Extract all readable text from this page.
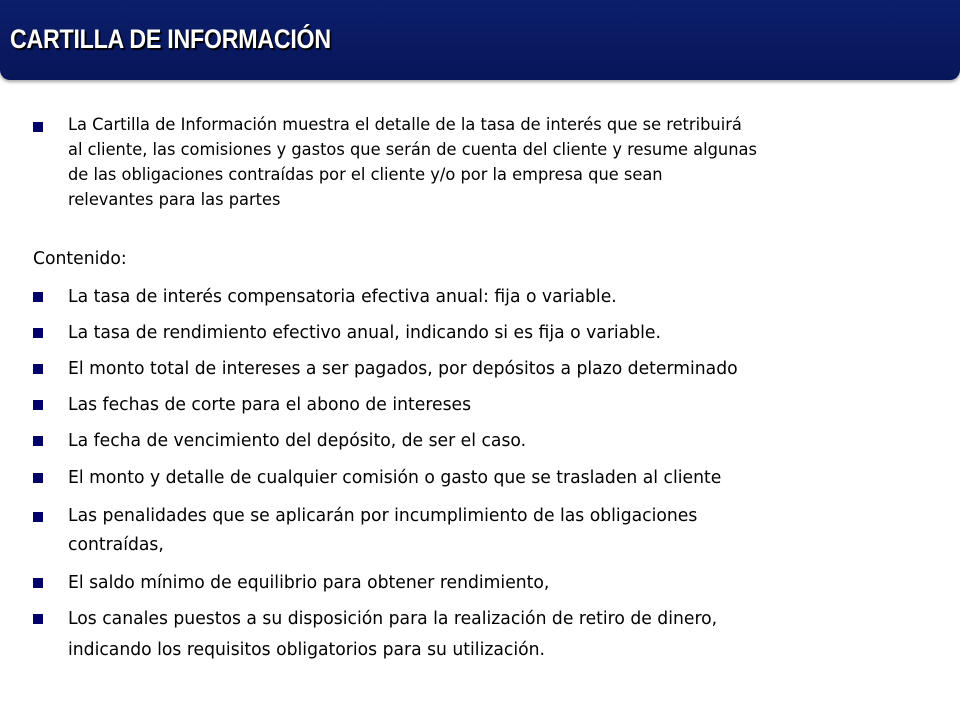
CARTILLA DE INFORMACIÓN
La Cartilla de Información muestra el detalle de la tasa de interés que se retribuirá
al cliente, las comisiones y gastos que serán de cuenta del cliente y resume algunas
de las obligaciones contraídas por el cliente y/o por la empresa que sean
relevantes para las partes
Contenido:
La tasa de interés compensatoria efectiva anual: fija o variable.
La tasa de rendimiento efectivo anual, indicando si es fija o variable.
El monto total de intereses a ser pagados, por depósitos a plazo determinado
Las fechas de corte para el abono de intereses
La fecha de vencimiento del depósito, de ser el caso.
El monto y detalle de cualquier comisión o gasto que se trasladen al cliente
Las penalidades que se aplicarán por incumplimiento de las obligaciones
contraídas,
El saldo mínimo de equilibrio para obtener rendimiento,
Los canales puestos a su disposición para la realización de retiro de dinero,
indicando los requisitos obligatorios para su utilización.
